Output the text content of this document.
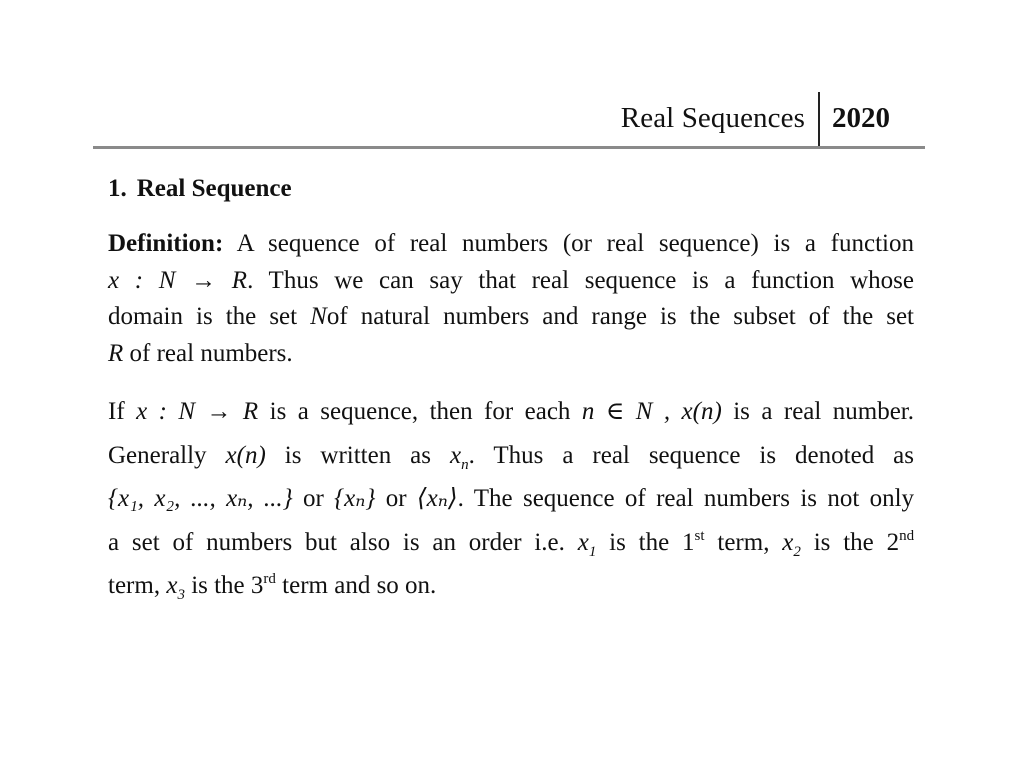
Real Sequences 2020
1. Real Sequence
Definition: A sequence of real numbers (or real sequence) is a function
x : N → R. Thus we can say that real sequence is a function whose
domain is the set Nof natural numbers and range is the subset of the set
R of real numbers.
If x : N → R is a sequence, then for each n ∈ N , x(n) is a real number.
Generally x(n) is written as $x_n$. Thus a real sequence is denoted as
{x₁, x₂, ..., xₙ, ...} or {xₙ} or ⟨xₙ⟩. The sequence of real numbers is not only
a set of numbers but also is an order i.e. $x_1$ is the 1st term, $x_2$ is the 2nd
term, $x_3$ is the 3rd term and so on.
